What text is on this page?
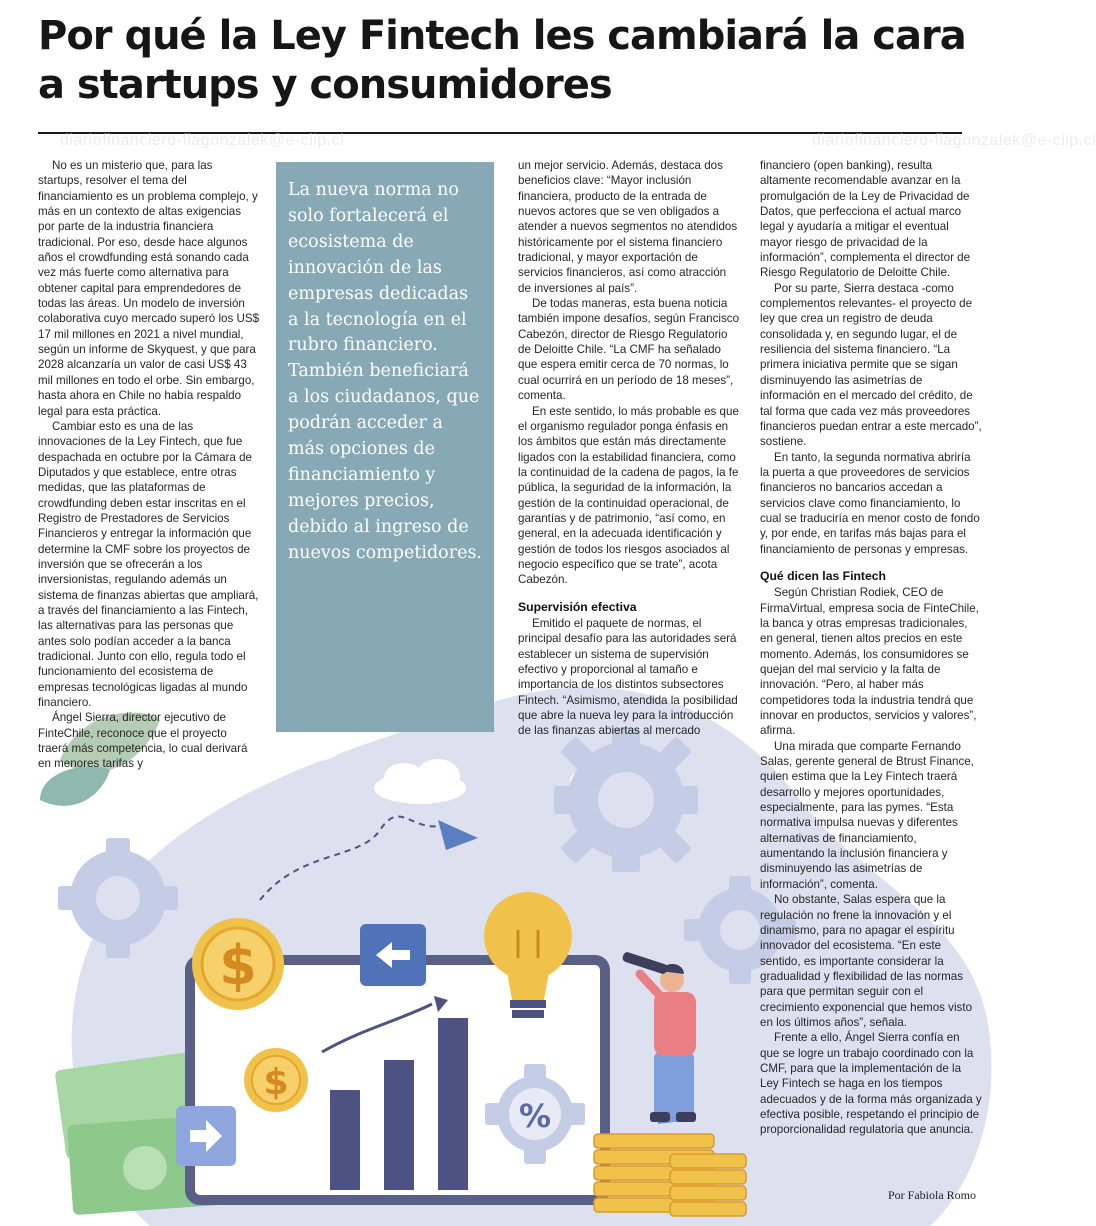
Por qué la Ley Fintech les cambiará la cara a startups y consumidores
diariofinanciero-flagonzalek@e-clip.cl	diariofinanciero-flagonzalek@e-clip.cl
%
$
$

La nueva norma no solo fortalecerá el ecosistema de innovación de las empresas dedicadas a la tecnología en el rubro financiero. También beneficiará a los ciudadanos, que podrán acceder a más opciones de financiamiento y mejores precios, debido al ingreso de nuevos competidores.

No es un misterio que, para las startups, resolver el tema del financiamiento es un problema complejo, y más en un contexto de altas exigencias por parte de la industria financiera tradicional. Por eso, desde hace algunos años el crowdfunding está sonando cada vez más fuerte como alternativa para obtener capital para emprendedores de todas las áreas. Un modelo de inversión colaborativa cuyo mercado superó los US$ 17 mil millones en 2021 a nivel mundial, según un informe de Skyquest, y que para 2028 alcanzaría un valor de casi US$ 43 mil millones en todo el orbe. Sin embargo, hasta ahora en Chile no había respaldo legal para esta práctica.

Cambiar esto es una de las innovaciones de la Ley Fintech, que fue despachada en octubre por la Cámara de Diputados y que establece, entre otras medidas, que las plataformas de crowdfunding deben estar inscritas en el Registro de Prestadores de Servicios Financieros y entregar la información que determine la CMF sobre los proyectos de inversión que se ofrecerán a los inversionistas, regulando además un sistema de finanzas abiertas que ampliará, a través del financiamiento a las Fintech, las alternativas para las personas que antes solo podían acceder a la banca tradicional. Junto con ello, regula todo el funcionamiento del ecosistema de empresas tecnológicas ligadas al mundo financiero.

Ángel Sierra, director ejecutivo de FinteChile, reconoce que el proyecto traerá más competencia, lo cual derivará en menores tarifas y

un mejor servicio. Además, destaca dos beneficios clave: “Mayor inclusión financiera, producto de la entrada de nuevos actores que se ven obligados a atender a nuevos segmentos no atendidos históricamente por el sistema financiero tradicional, y mayor exportación de servicios financieros, así como atracción de inversiones al país”.

De todas maneras, esta buena noticia también impone desafíos, según Francisco Cabezón, director de Riesgo Regulatorio de Deloitte Chile. “La CMF ha señalado que espera emitir cerca de 70 normas, lo cual ocurrirá en un período de 18 meses”, comenta.

En este sentido, lo más probable es que el organismo regulador ponga énfasis en los ámbitos que están más directamente ligados con la estabilidad financiera, como la continuidad de la cadena de pagos, la fe pública, la seguridad de la información, la gestión de la continuidad operacional, de garantías y de patrimonio, “así como, en general, en la adecuada identificación y gestión de todos los riesgos asociados al negocio específico que se trate”, acota Cabezón.

Supervisión efectiva

Emitido el paquete de normas, el principal desafío para las autoridades será establecer un sistema de supervisión efectivo y proporcional al tamaño e importancia de los distintos subsectores Fintech. “Asimismo, atendida la posibilidad que abre la nueva ley para la introducción de las finanzas abiertas al mercado

financiero (open banking), resulta altamente recomendable avanzar en la promulgación de la Ley de Privacidad de Datos, que perfecciona el actual marco legal y ayudaría a mitigar el eventual mayor riesgo de privacidad de la información”, complementa el director de Riesgo Regulatorio de Deloitte Chile.

Por su parte, Sierra destaca -como complementos relevantes- el proyecto de ley que crea un registro de deuda consolidada y, en segundo lugar, el de resiliencia del sistema financiero. “La primera iniciativa permite que se sigan disminuyendo las asimetrías de información en el mercado del crédito, de tal forma que cada vez más proveedores financieros puedan entrar a este mercado”, sostiene.

En tanto, la segunda normativa abriría la puerta a que proveedores de servicios financieros no bancarios accedan a servicios clave como financiamiento, lo cual se traduciría en menor costo de fondo y, por ende, en tarifas más bajas para el financiamiento de personas y empresas.

Qué dicen las Fintech

Según Christian Rodiek, CEO de FirmaVirtual, empresa socia de FinteChile, la banca y otras empresas tradicionales, en general, tienen altos precios en este momento. Además, los consumidores se quejan del mal servicio y la falta de innovación. “Pero, al haber más competidores toda la industria tendrá que innovar en productos, servicios y valores”, afirma.

Una mirada que comparte Fernando Salas, gerente general de Btrust Finance, quien estima que la Ley Fintech traerá desarrollo y mejores oportunidades, especialmente, para las pymes. “Esta normativa impulsa nuevas y diferentes alternativas de financiamiento, aumentando la inclusión financiera y disminuyendo las asimetrías de información”, comenta.

No obstante, Salas espera que la regulación no frene la innovación y el dinamismo, para no apagar el espíritu innovador del ecosistema. “En este sentido, es importante considerar la gradualidad y flexibilidad de las normas para que permitan seguir con el crecimiento exponencial que hemos visto en los últimos años”, señala.

Frente a ello, Ángel Sierra confía en que se logre un trabajo coordinado con la CMF, para que la implementación de la Ley Fintech se haga en los tiempos adecuados y de la forma más organizada y efectiva posible, respetando el principio de proporcionalidad regulatoria que anuncia.

Por Fabiola Romo
